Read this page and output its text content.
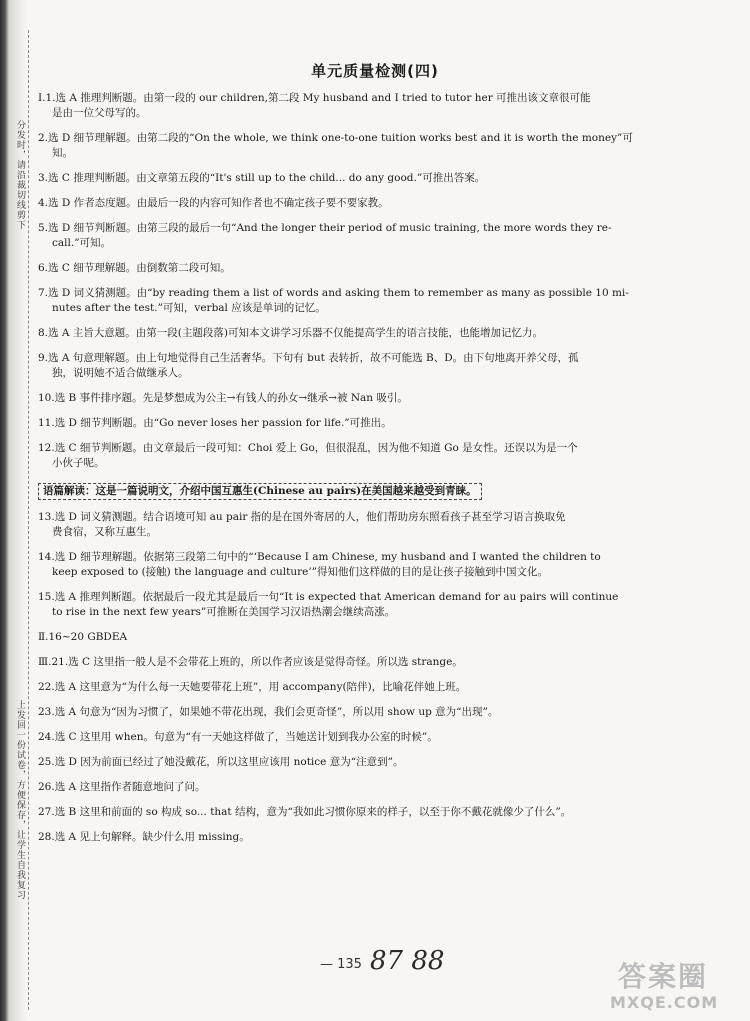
分发时，请沿裁切线剪下
上发回一份试卷，方便保存，让学生自我复习
单元质量检测(四)
Ⅰ.1.选 A 推理判断题。由第一段的 our children,第二段 My husband and I tried to tutor her 可推出该文章很可能
是由一位父母写的。
2.选 D 细节理解题。由第二段的“On the whole, we think one-to-one tuition works best and it is worth the money”可
知。
3.选 C 推理判断题。由文章第五段的“It's still up to the child... do any good.”可推出答案。
4.选 D 作者态度题。由最后一段的内容可知作者也不确定孩子要不要家教。
5.选 D 细节判断题。由第三段的最后一句“And the longer their period of music training, the more words they re-
call.”可知。
6.选 C 细节理解题。由倒数第二段可知。
7.选 D 词义猜测题。由“by reading them a list of words and asking them to remember as many as possible 10 mi-
nutes after the test.”可知，verbal 应该是单词的记忆。
8.选 A 主旨大意题。由第一段(主题段落)可知本文讲学习乐器不仅能提高学生的语言技能，也能增加记忆力。
9.选 A 句意理解题。由上句地觉得自己生活奢华。下句有 but 表转折，故不可能选 B、D。由下句地离开养父母，孤
独，说明她不适合做继承人。
10.选 B 事件排序题。先是梦想成为公主→有钱人的孙女→继承→被 Nan 吸引。
11.选 D 细节判断题。由“Go never loses her passion for life.”可推出。
12.选 C 细节判断题。由文章最后一段可知：Choi 爱上 Go，但很混乱，因为他不知道 Go 是女性。还误以为是一个
小伙子呢。
语篇解读：这是一篇说明文，介绍中国互惠生(Chinese au pairs)在美国越来越受到青睐。
13.选 D 词义猜测题。结合语境可知 au pair 指的是在国外寄居的人，他们帮助房东照看孩子甚至学习语言换取免
费食宿，又称互惠生。
14.选 D 细节理解题。依据第三段第二句中的“‘Because I am Chinese, my husband and I wanted the children to
keep exposed to (接触) the language and culture’”得知他们这样做的目的是让孩子接触到中国文化。
15.选 A 推理判断题。依据最后一段尤其是最后一句“It is expected that American demand for au pairs will continue
to rise in the next few years”可推断在美国学习汉语热潮会继续高涨。
Ⅱ.16~20 GBDEA
Ⅲ.21.选 C 这里指一般人是不会带花上班的，所以作者应该是觉得奇怪。所以选 strange。
22.选 A 这里意为“为什么每一天她要带花上班”，用 accompany(陪伴)，比喻花伴她上班。
23.选 A 句意为“因为习惯了，如果她不带花出现，我们会更奇怪”，所以用 show up 意为“出现”。
24.选 C 这里用 when。句意为“有一天她这样做了，当她送计划到我办公室的时候”。
25.选 D 因为前面已经过了她没戴花，所以这里应该用 notice 意为“注意到”。
26.选 A 这里指作者随意地问了问。
27.选 B 这里和前面的 so 构成 so... that 结构，意为“我如此习惯你原来的样子，以至于你不戴花就像少了什么”。
28.选 A 见上句解释。缺少什么用 missing。
— 135 87 88	答案圈
MXQE.COM
